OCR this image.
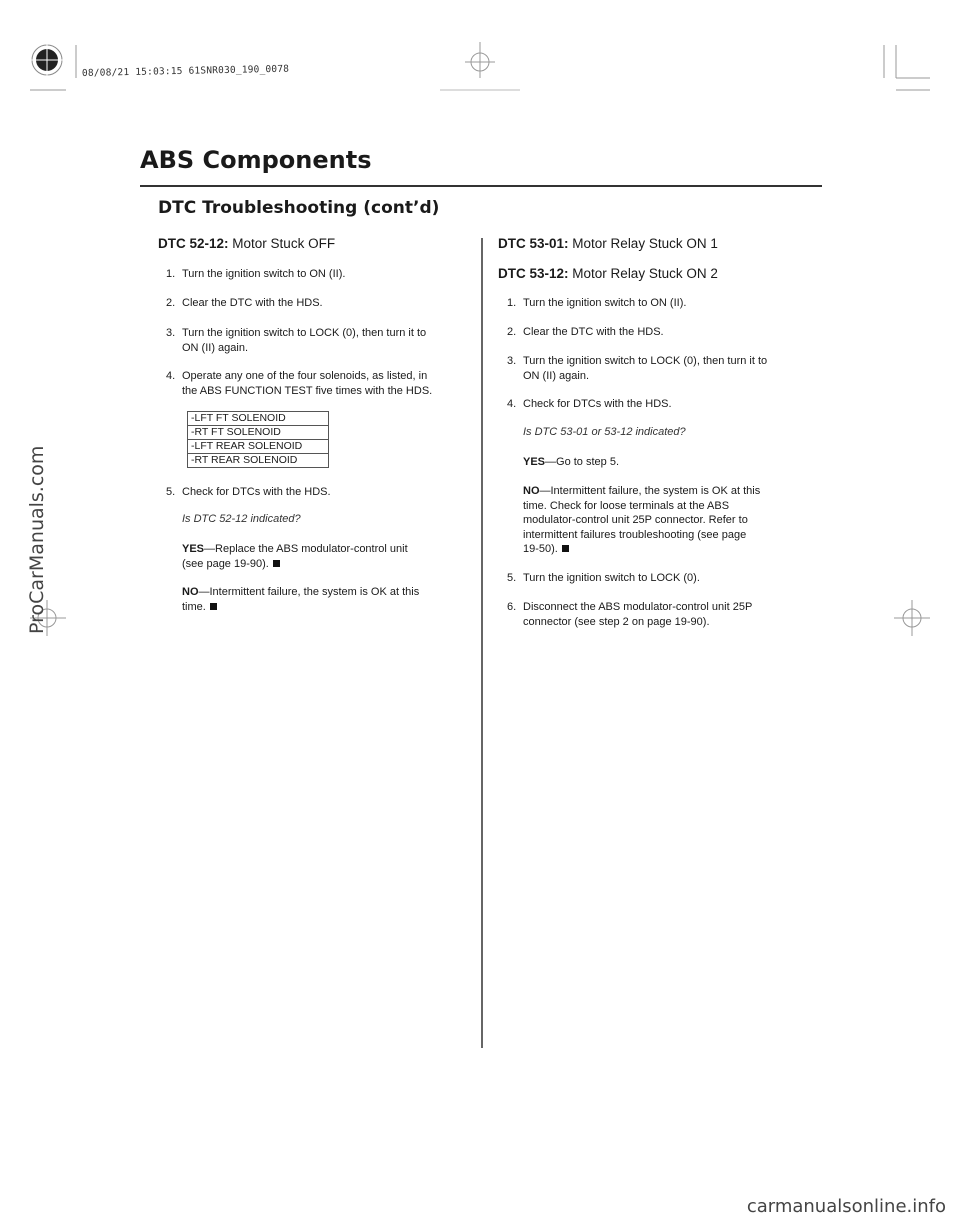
08/08/21 15:03:15 61SNR030_190_0078
ABS Components
DTC Troubleshooting (cont’d)
ProCarManuals.com
DTC 52-12: Motor Stuck OFF
1. Turn the ignition switch to ON (II).
2. Clear the DTC with the HDS.
3. Turn the ignition switch to LOCK (0), then turn it to
ON (II) again.
4. Operate any one of the four solenoids, as listed, in
the ABS FUNCTION TEST five times with the HDS.
-LFT FT SOLENOID
-RT FT SOLENOID
-LFT REAR SOLENOID
-RT REAR SOLENOID
5. Check for DTCs with the HDS.
Is DTC 52-12 indicated?
YES—Replace the ABS modulator-control unit
(see page 19-90).
NO—Intermittent failure, the system is OK at this
time.
DTC 53-01: Motor Relay Stuck ON 1
DTC 53-12: Motor Relay Stuck ON 2
1. Turn the ignition switch to ON (II).
2. Clear the DTC with the HDS.
3. Turn the ignition switch to LOCK (0), then turn it to
ON (II) again.
4. Check for DTCs with the HDS.
Is DTC 53-01 or 53-12 indicated?
YES—Go to step 5.
NO—Intermittent failure, the system is OK at this
time. Check for loose terminals at the ABS
modulator-control unit 25P connector. Refer to
intermittent failures troubleshooting (see page
19-50).
5. Turn the ignition switch to LOCK (0).
6. Disconnect the ABS modulator-control unit 25P
connector (see step 2 on page 19-90).
carmanualsonline.info
